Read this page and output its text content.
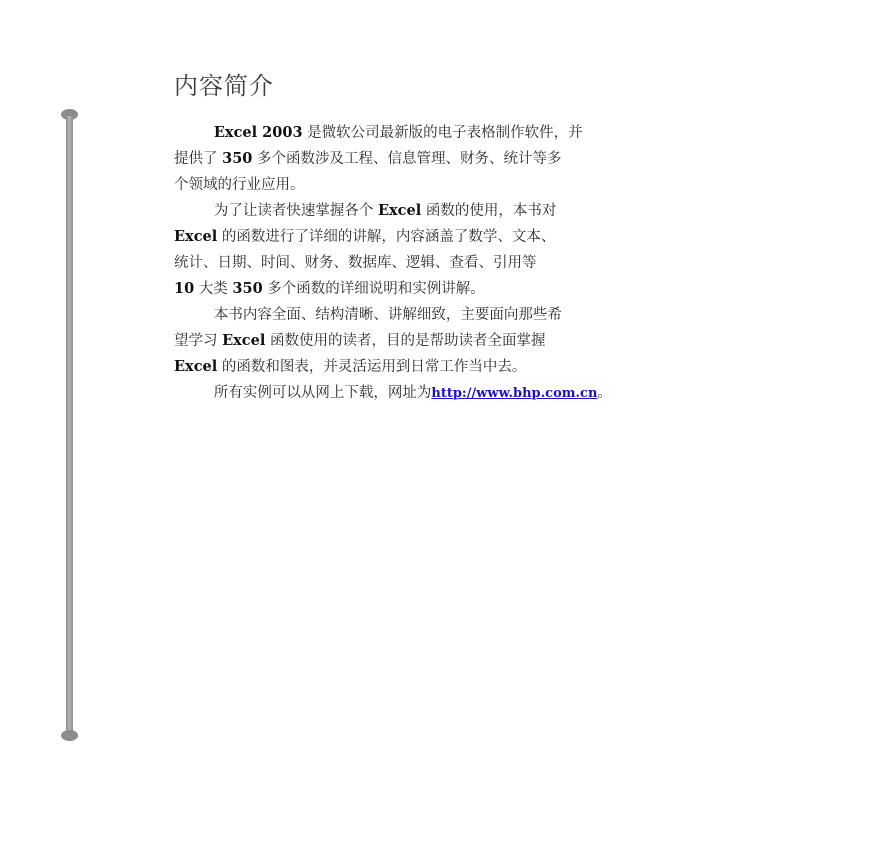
内容简介
Excel 2003 是微软公司最新版的电子表格制作软件，并
提供了 350 多个函数涉及工程、信息管理、财务、统计等多
个领域的行业应用。
为了让读者快速掌握各个 Excel 函数的使用，本书对
Excel 的函数进行了详细的讲解，内容涵盖了数学、文本、
统计、日期、时间、财务、数据库、逻辑、查看、引用等
10 大类 350 多个函数的详细说明和实例讲解。
本书内容全面、结构清晰、讲解细致，主要面向那些希
望学习 Excel 函数使用的读者，目的是帮助读者全面掌握
Excel 的函数和图表，并灵活运用到日常工作当中去。
所有实例可以从网上下载，网址为http://www.bhp.com.cn。
